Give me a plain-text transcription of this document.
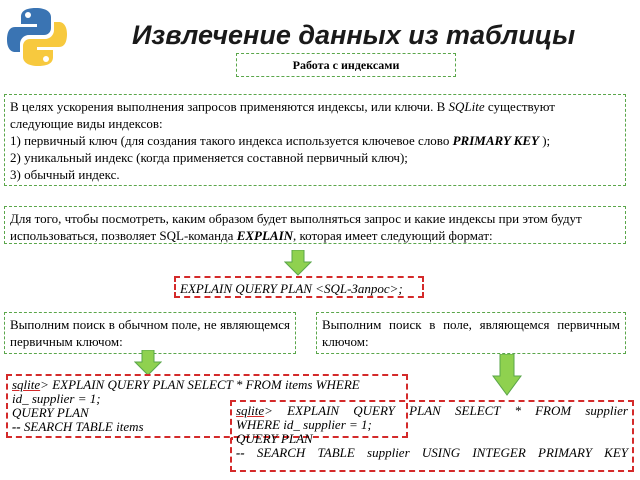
Извлечение данных из таблицы
Работа с индексами
В целях ускорения выполнения запросов применяются индексы, или ключи. В SQLite существуют следующие виды индексов:
1) первичный ключ (для создания такого индекса используется ключевое слово PRIMARY KEY );
2) уникальный индекс (когда применяется составной первичный ключ);
3) обычный индекс.
Для того, чтобы посмотреть, каким образом будет выполняться запрос и какие индексы при этом будут использоваться, позволяет SQL-команда EXPLAIN, которая имеет следующий формат:
EXPLAIN QUERY PLAN <SQL-Запрос>;
Выполним поиск в обычном поле, не являющемся первичным ключом:
Выполним поиск в поле, являющемся первичным ключом:
sqlite> EXPLAIN QUERY PLAN SELECT * FROM items WHERE
id_ supplier = 1;
QUERY PLAN
-- SEARCH TABLE items
sqlite> EXPLAIN QUERY PLAN SELECT * FROM supplier
WHERE id_ supplier = 1;
QUERY PLAN
-- SEARCH TABLE supplier USING INTEGER PRIMARY KEY
